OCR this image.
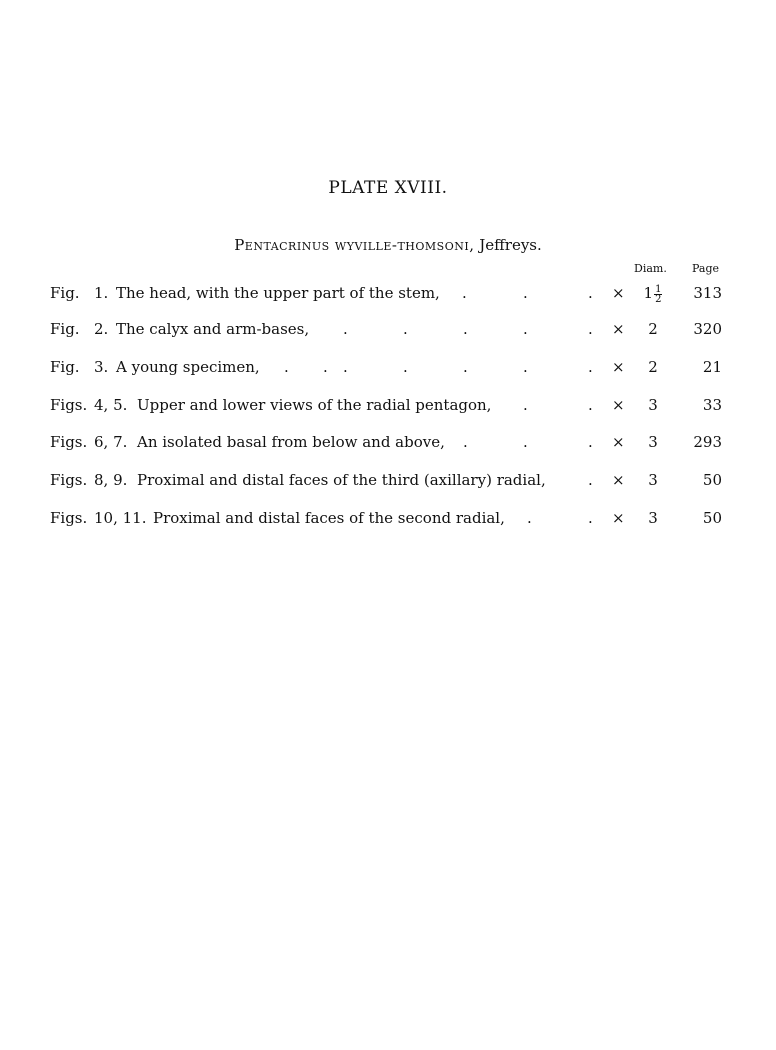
PLATE XVIII.
Pentacrinus wyville-thomsoni, Jeffreys.
Diam. Page
Fig. 1. The head, with the upper part of the stem, .	.	. ×	$1 \frac{1}{2}$	313
Fig. 2. The calyx and arm-bases, .	.	.	.	. ×	2	320
Fig. 3. A young specimen, . . .	.	.	.	. ×	2	21
Figs. 4, 5. Upper and lower views of the radial pentagon, .	. ×	3	33
Figs. 6, 7. An isolated basal from below and above, .	.	. ×	3	293
Figs. 8, 9. Proximal and distal faces of the third (axillary) radial,	. ×	3	50
Figs. 10, 11. Proximal and distal faces of the second radial, .	. ×	3	50
